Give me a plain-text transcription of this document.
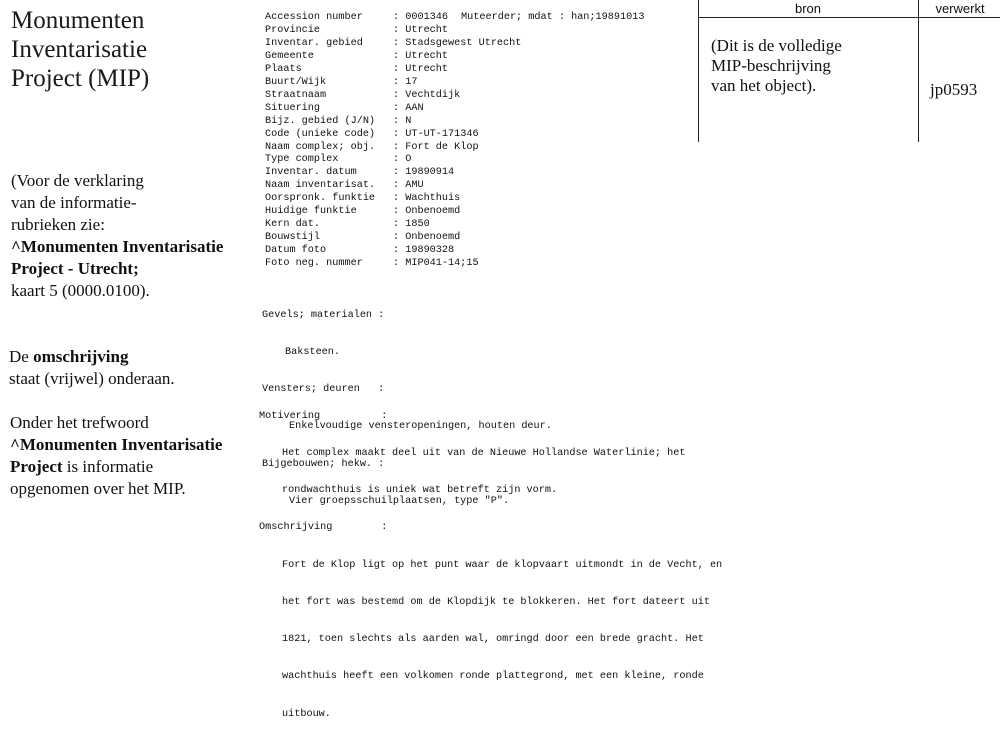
Monumenten
Inventarisatie
Project (MIP)
(Voor de verklaring
van de informatie-
rubrieken zie:
^Monumenten Inventarisatie
Project - Utrecht;
kaart 5 (0000.0100).
De omschrijving
staat (vrijwel) onderaan.
Onder het trefwoord
^Monumenten Inventarisatie
Project is informatie
opgenomen over het MIP.
Accession number	: 0001346 Muteerder; mdat : han;19891013
Provincie	: Utrecht
Inventar. gebied	: Stadsgewest Utrecht
Gemeente	: Utrecht
Plaats	: Utrecht
Buurt/Wijk	: 17
Straatnaam	: Vechtdijk
Situering	: AAN
Bijz. gebied (J/N)	: N
Code (unieke code)	: UT-UT-171346
Naam complex; obj.	: Fort de Klop
Type complex	: O
Inventar. datum	: 19890914
Naam inventarisat.	: AMU
Oorspronk. funktie	: Wachthuis
Huidige funktie	: Onbenoemd
Kern dat.	: 1850
Bouwstijl	: Onbenoemd
Datum foto	: 19890328
Foto neg. nummer	: MIP041-14;15

Gevels; materialen :

Baksteen.

Vensters; deuren   :

Enkelvoudige vensteropeningen, houten deur.

Bijgebouwen; hekw. :

Vier groepsschuilplaatsen, type "P".

Motivering          :

Het complex maakt deel uit van de Nieuwe Hollandse Waterlinie; het

rondwachthuis is uniek wat betreft zijn vorm.

Omschrijving        :

Fort de Klop ligt op het punt waar de klopvaart uitmondt in de Vecht, en

het fort was bestemd om de Klopdijk te blokkeren. Het fort dateert uit

1821, toen slechts als aarden wal, omringd door een brede gracht. Het

wachthuis heeft een volkomen ronde plattegrond, met een kleine, ronde

uitbouw.

bron	verwerkt
(Dit is de volledige
MIP-beschrijving
van het object).	jp0593
